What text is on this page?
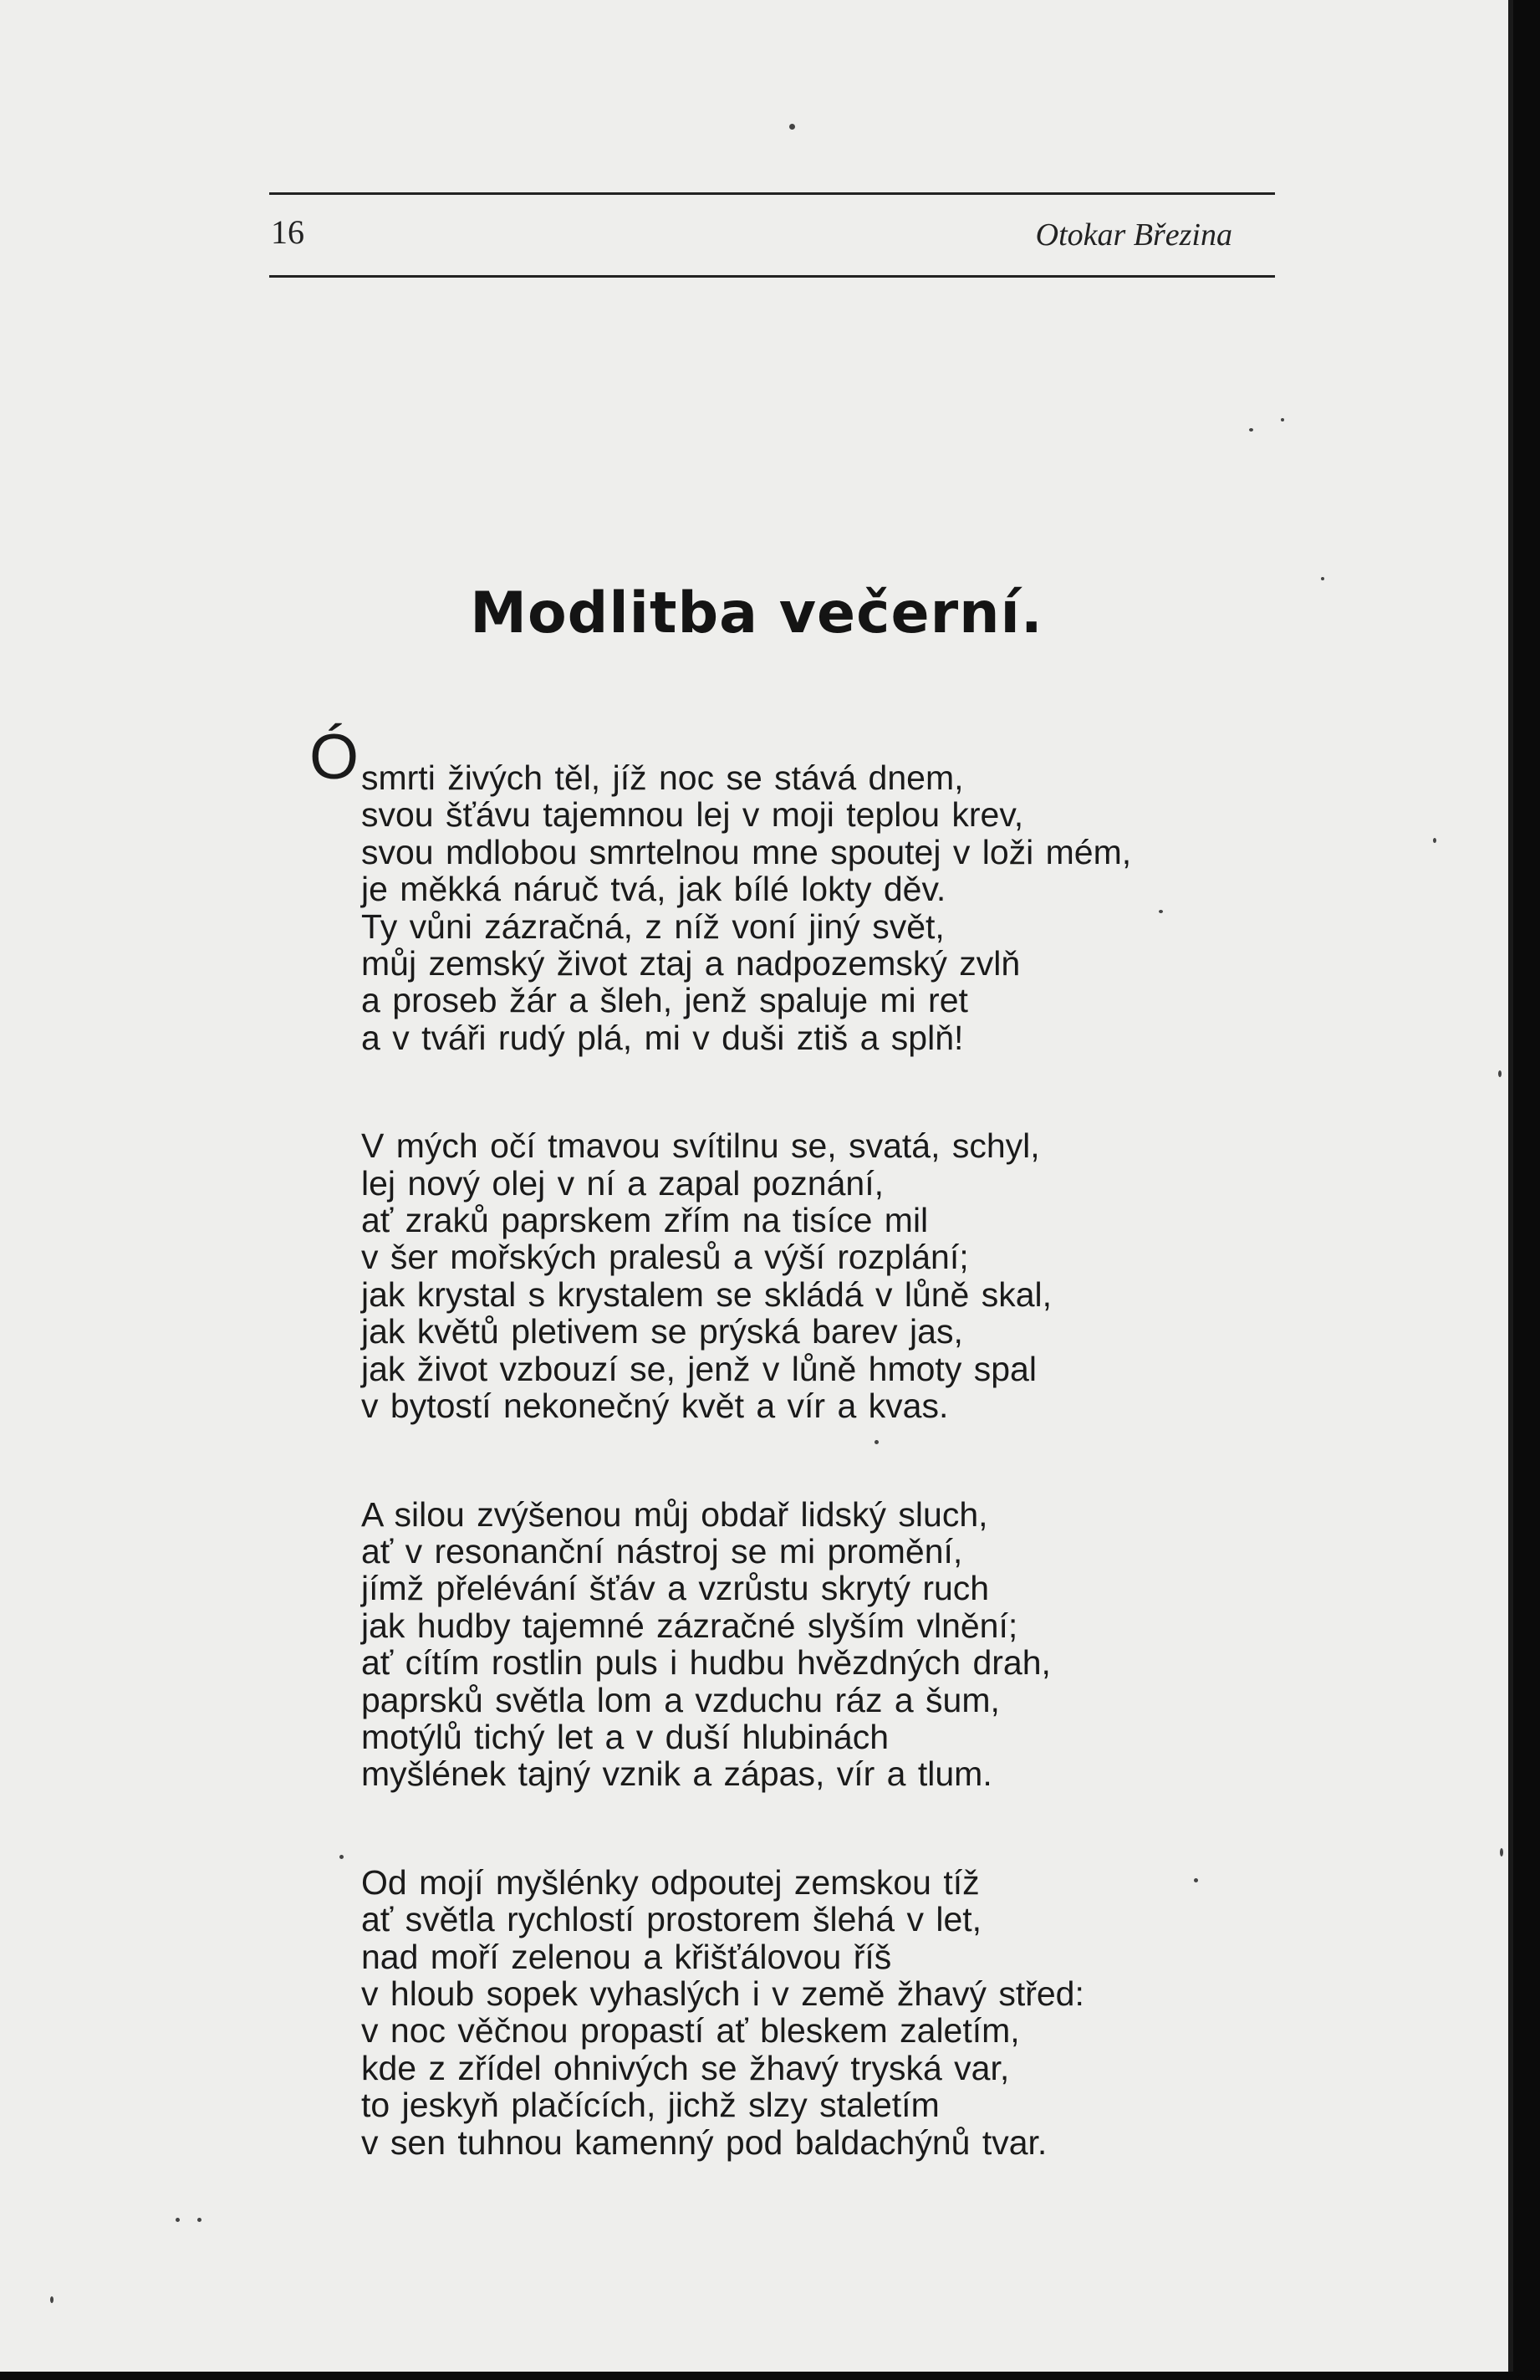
16	Otokar Březina
Modlitba večerní.
Ó smrti živých těl, jíž noc se stává dnem,
svou šťávu tajemnou lej v moji teplou krev,
svou mdlobou smrtelnou mne spoutej v loži mém,
je měkká náruč tvá, jak bílé lokty děv.
Ty vůni zázračná, z níž voní jiný svět,
můj zemský život ztaj a nadpozemský zvlň
a proseb žár a šleh, jenž spaluje mi ret
a v tváři rudý plá, mi v duši ztiš a splň!
V mých očí tmavou svítilnu se, svatá, schyl,
lej nový olej v ní a zapal poznání,
ať zraků paprskem zřím na tisíce mil
v šer mořských pralesů a výší rozplání;
jak krystal s krystalem se skládá v lůně skal,
jak květů pletivem se prýská barev jas,
jak život vzbouzí se, jenž v lůně hmoty spal
v bytostí nekonečný květ a vír a kvas.
A silou zvýšenou můj obdař lidský sluch,
ať v resonanční nástroj se mi promění,
jímž přelévání šťáv a vzrůstu skrytý ruch
jak hudby tajemné zázračné slyším vlnění;
ať cítím rostlin puls i hudbu hvězdných drah,
paprsků světla lom a vzduchu ráz a šum,
motýlů tichý let a v duší hlubinách
myšlének tajný vznik a zápas, vír a tlum.
Od mojí myšlénky odpoutej zemskou tíž
ať světla rychlostí prostorem šlehá v let,
nad moří zelenou a křišťálovou říš
v hloub sopek vyhaslých i v země žhavý střed:
v noc věčnou propastí ať bleskem zaletím,
kde z zřídel ohnivých se žhavý tryská var,
to jeskyň plačících, jichž slzy staletím
v sen tuhnou kamenný pod baldachýnů tvar.
